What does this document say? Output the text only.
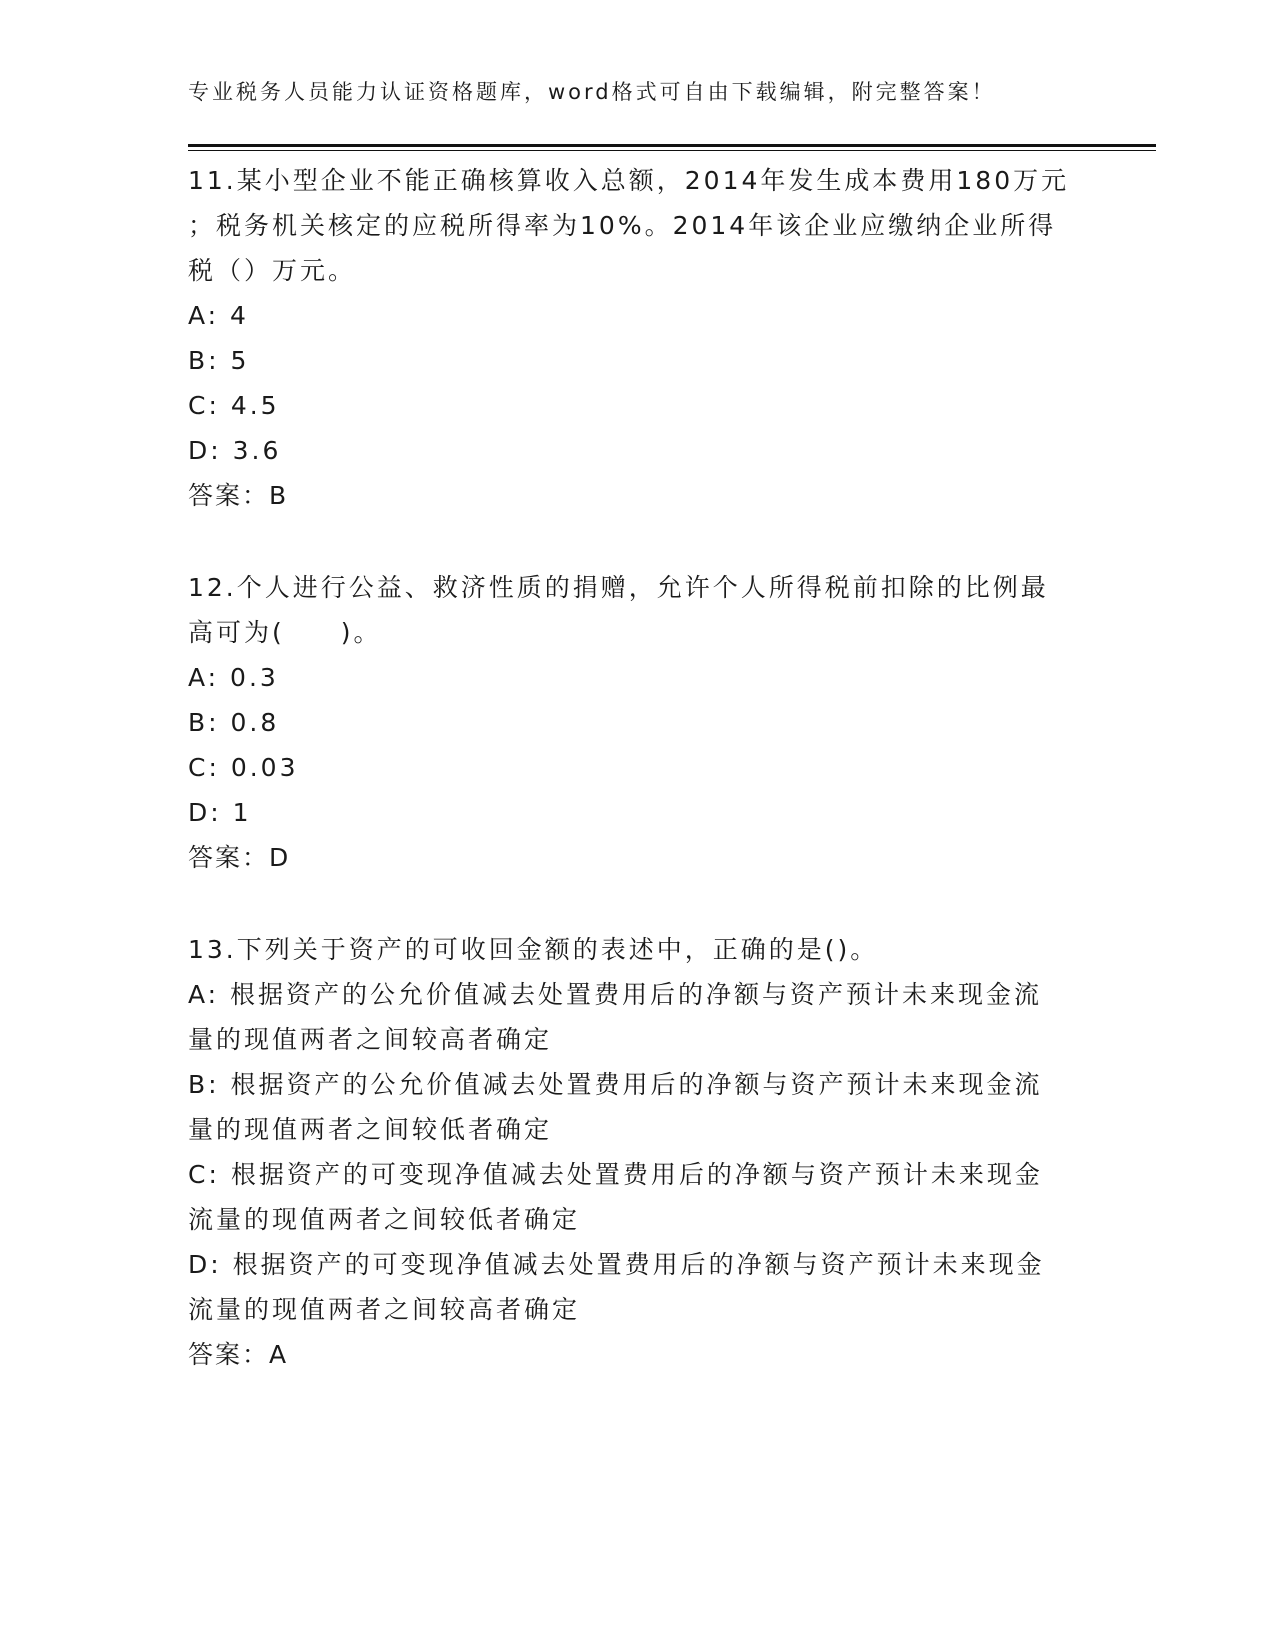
专业税务人员能力认证资格题库，word格式可自由下载编辑，附完整答案！
11.某小型企业不能正确核算收入总额，2014年发生成本费用180万元
；税务机关核定的应税所得率为10%。2014年该企业应缴纳企业所得
税（）万元。
A: 4
B: 5
C: 4.5
D: 3.6
答案：B
12.个人进行公益、救济性质的捐赠，允许个人所得税前扣除的比例最
高可为(　　)。
A: 0.3
B: 0.8
C: 0.03
D: 1
答案：D
13.下列关于资产的可收回金额的表述中，正确的是()。
A: 根据资产的公允价值减去处置费用后的净额与资产预计未来现金流
量的现值两者之间较高者确定
B: 根据资产的公允价值减去处置费用后的净额与资产预计未来现金流
量的现值两者之间较低者确定
C: 根据资产的可变现净值减去处置费用后的净额与资产预计未来现金
流量的现值两者之间较低者确定
D: 根据资产的可变现净值减去处置费用后的净额与资产预计未来现金
流量的现值两者之间较高者确定
答案：A
